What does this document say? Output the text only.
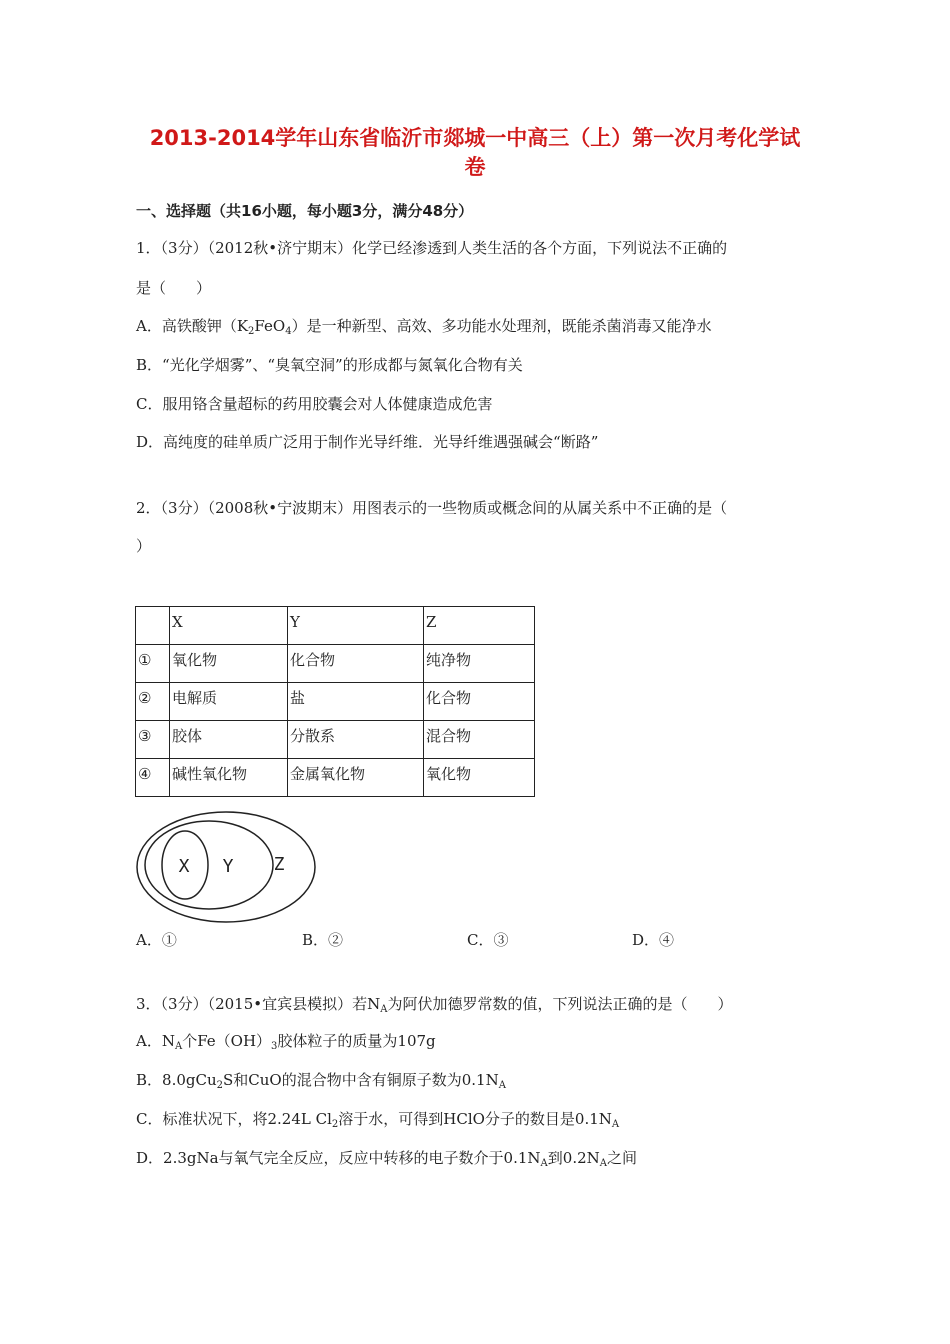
2013-2014学年山东省临沂市郯城一中高三（上）第一次月考化学试
卷
一、选择题（共16小题，每小题3分，满分48分）
1．（3分）（2012秋•济宁期末）化学已经渗透到人类生活的各个方面，下列说法不正确的
是（　　）
A．高铁酸钾$(K_2FeO_4)$是一种新型、高效、多功能水处理剂，既能杀菌消毒又能净水
B．“光化学烟雾”、“臭氧空洞”的形成都与氮氧化合物有关
C．服用铬含量超标的药用胶囊会对人体健康造成危害
D．高纯度的硅单质广泛用于制作光导纤维．光导纤维遇强碱会“断路”
2．（3分）（2008秋•宁波期末）用图表示的一些物质或概念间的从属关系中不正确的是（
）
	X	Y	Z
①	氧化物	化合物	纯净物
②	电解质	盐	化合物
③	胶体	分散系	混合物
④	碱性氧化物	金属氧化物	氧化物
X Y Z
A．①	B．②	C．③	D．④
3．（3分）（2015•宜宾县模拟）若$N_A$为阿伏加德罗常数的值，下列说法正确的是（　　）
A．$N_A$个$Fe(OH)_3$胶体粒子的质量为107g
B．8.0gCu$_2$S和CuO的混合物中含有铜原子数为$0.1N_A$
C．标准状况下，将2.24L $Cl_2$溶于水，可得到HClO分子的数目是$0.1N_A$
D．2.3gNa与氧气完全反应，反应中转移的电子数介于$0.1N_A$到$0.2N_A$之间
